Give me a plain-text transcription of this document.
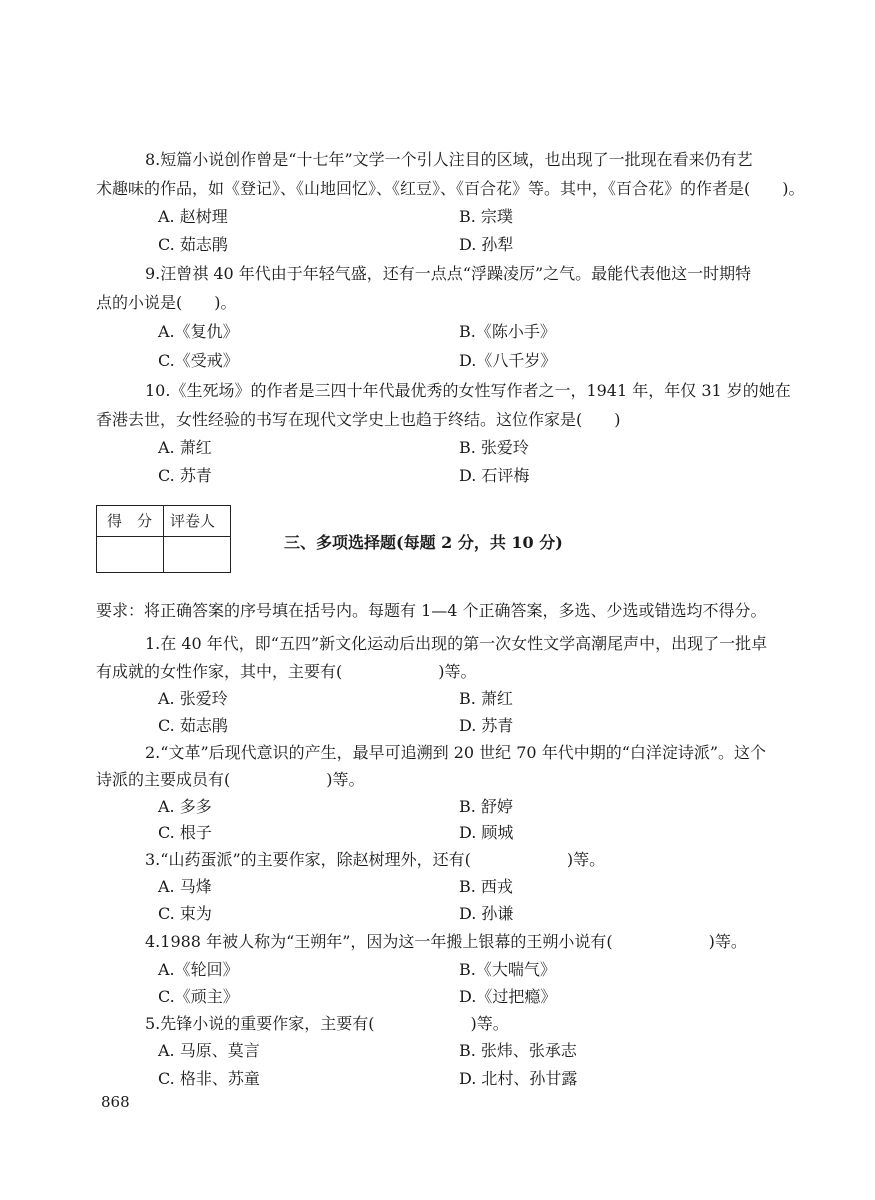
8.短篇小说创作曾是“十七年”文学一个引人注目的区域，也出现了一批现在看来仍有艺
术趣味的作品，如《登记》、《山地回忆》、《红豆》、《百合花》等。其中，《百合花》的作者是(　　)。
A. 赵树理	B. 宗璞
C. 茹志鹃	D. 孙犁
9.汪曾祺 40 年代由于年轻气盛，还有一点点“浮躁凌厉”之气。最能代表他这一时期特
点的小说是(　　)。
A.《复仇》	B.《陈小手》
C.《受戒》	D.《八千岁》
10.《生死场》的作者是三四十年代最优秀的女性写作者之一，1941 年，年仅 31 岁的她在
香港去世，女性经验的书写在现代文学史上也趋于终结。这位作家是(　　)
A. 萧红	B. 张爱玲
C. 苏青	D. 石评梅
得　分 评卷人
三、多项选择题(每题 2 分，共 10 分)
要求：将正确答案的序号填在括号内。每题有 1—4 个正确答案，多选、少选或错选均不得分。
1.在 40 年代，即“五四”新文化运动后出现的第一次女性文学高潮尾声中，出现了一批卓
有成就的女性作家，其中，主要有(　　　　　　)等。
A. 张爱玲	B. 萧红
C. 茹志鹃	D. 苏青
2.“文革”后现代意识的产生，最早可追溯到 20 世纪 70 年代中期的“白洋淀诗派”。这个
诗派的主要成员有(　　　　　　)等。
A. 多多	B. 舒婷
C. 根子	D. 顾城
3.“山药蛋派”的主要作家，除赵树理外，还有(　　　　　　)等。
A. 马烽	B. 西戎
C. 束为	D. 孙谦
4.1988 年被人称为“王朔年”，因为这一年搬上银幕的王朔小说有(　　　　　　)等。
A.《轮回》	B.《大喘气》
C.《顽主》	D.《过把瘾》
5.先锋小说的重要作家，主要有(　　　　　　)等。
A. 马原、莫言	B. 张炜、张承志
C. 格非、苏童	D. 北村、孙甘露
868
